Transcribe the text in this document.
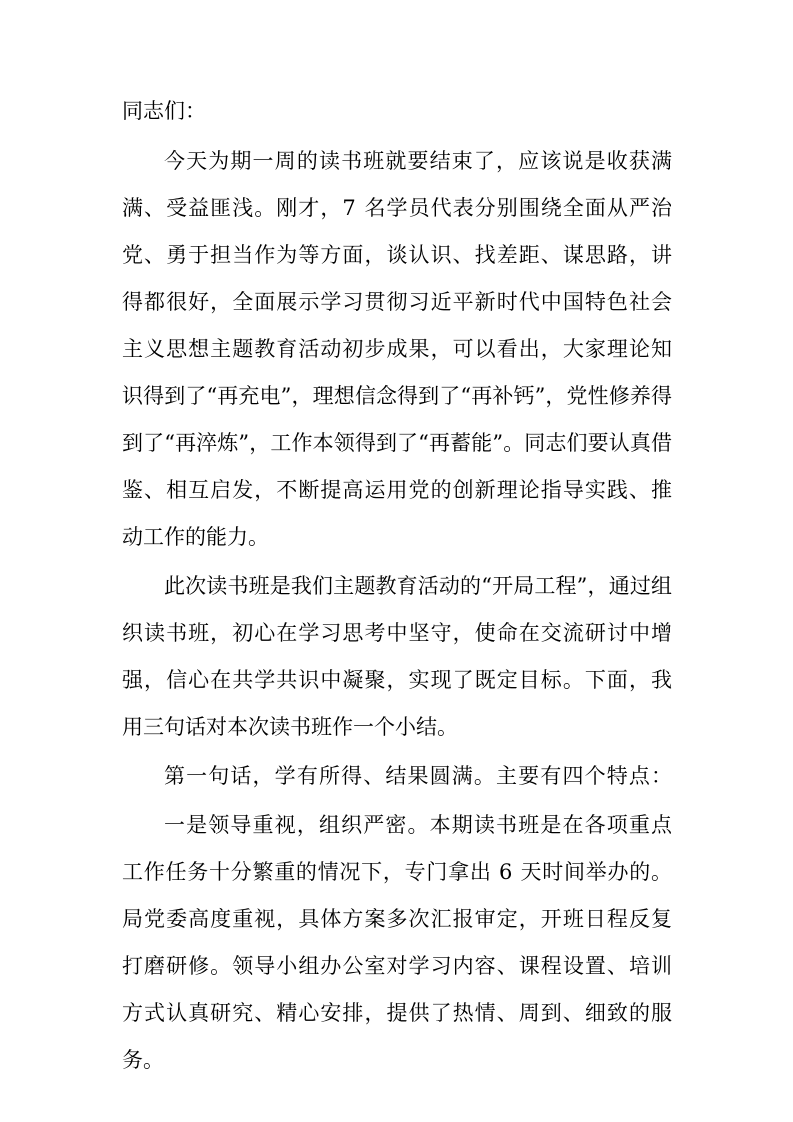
同志们：
今天为期一周的读书班就要结束了，应该说是收获满
满、受益匪浅。刚才，7 名学员代表分别围绕全面从严治
党、勇于担当作为等方面，谈认识、找差距、谋思路，讲
得都很好，全面展示学习贯彻习近平新时代中国特色社会
主义思想主题教育活动初步成果，可以看出，大家理论知
识得到了“再充电”，理想信念得到了“再补钙”，党性修养得
到了“再淬炼”，工作本领得到了“再蓄能”。同志们要认真借
鉴、相互启发，不断提高运用党的创新理论指导实践、推
动工作的能力。
此次读书班是我们主题教育活动的“开局工程”，通过组
织读书班，初心在学习思考中坚守，使命在交流研讨中增
强，信心在共学共识中凝聚，实现了既定目标。下面，我
用三句话对本次读书班作一个小结。
第一句话，学有所得、结果圆满。主要有四个特点：
一是领导重视，组织严密。本期读书班是在各项重点
工作任务十分繁重的情况下，专门拿出 6 天时间举办的。
局党委高度重视，具体方案多次汇报审定，开班日程反复
打磨研修。领导小组办公室对学习内容、课程设置、培训
方式认真研究、精心安排，提供了热情、周到、细致的服
务。
